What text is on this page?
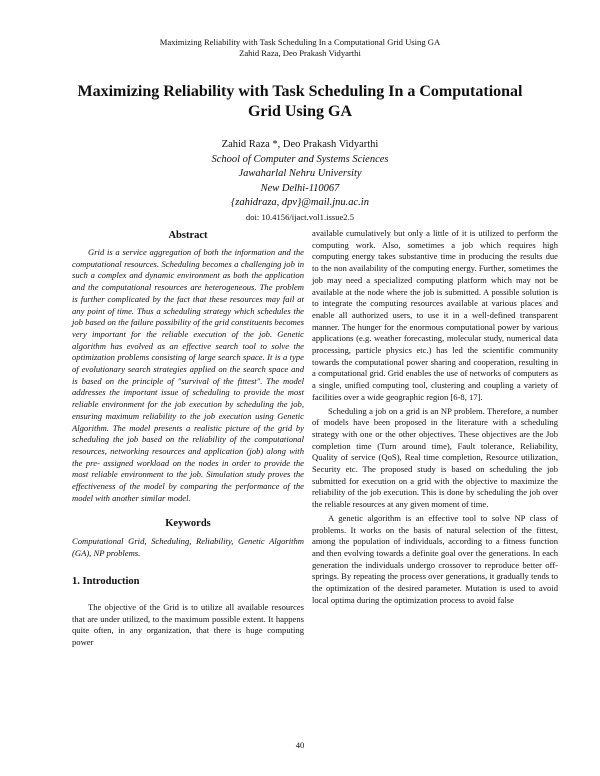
Maximizing Reliability with Task Scheduling In a Computational Grid Using GA
Zahid Raza, Deo Prakash Vidyarthi
Maximizing Reliability with Task Scheduling In a Computational Grid Using GA
Zahid Raza *, Deo Prakash Vidyarthi
School of Computer and Systems Sciences
Jawaharlal Nehru University
New Delhi-110067
{zahidraza, dpv}@mail.jnu.ac.in
doi: 10.4156/ijact.vol1.issue2.5
Abstract

Grid is a service aggregation of both the information and the computational resources. Scheduling becomes a challenging job in such a complex and dynamic environment as both the application and the computational resources are heterogeneous. The problem is further complicated by the fact that these resources may fail at any point of time. Thus a scheduling strategy which schedules the job based on the failure possibility of the grid constituents becomes very important for the reliable execution of the job. Genetic algorithm has evolved as an effective search tool to solve the optimization problems consisting of large search space. It is a type of evolutionary search strategies applied on the search space and is based on the principle of "survival of the fittest". The model addresses the important issue of scheduling to provide the most reliable environment for the job execution by scheduling the job, ensuring maximum reliability to the job execution using Genetic Algorithm. The model presents a realistic picture of the grid by scheduling the job based on the reliability of the computational resources, networking resources and application (job) along with the pre- assigned workload on the nodes in order to provide the most reliable environment to the job. Simulation study proves the effectiveness of the model by comparing the performance of the model with another similar model.

Keywords

Computational Grid, Scheduling, Reliability, Genetic Algorithm (GA), NP problems.

1. Introduction

The objective of the Grid is to utilize all available resources that are under utilized, to the maximum possible extent. It happens quite often, in any organization, that there is huge computing power

available cumulatively but only a little of it is utilized to perform the computing work. Also, sometimes a job which requires high computing energy takes substantive time in producing the results due to the non availability of the computing energy. Further, sometimes the job may need a specialized computing platform which may not be available at the node where the job is submitted. A possible solution is to integrate the computing resources available at various places and enable all authorized users, to use it in a well-defined transparent manner. The hunger for the enormous computational power by various applications (e.g. weather forecasting, molecular study, numerical data processing, particle physics etc.) has led the scientific community towards the computational power sharing and cooperation, resulting in a computational grid. Grid enables the use of networks of computers as a single, unified computing tool, clustering and coupling a variety of facilities over a wide geographic region [6-8, 17].

Scheduling a job on a grid is an NP problem. Therefore, a number of models have been proposed in the literature with a scheduling strategy with one or the other objectives. These objectives are the Job completion time (Turn around time), Fault tolerance, Reliability, Quality of service (QoS), Real time completion, Resource utilization, Security etc. The proposed study is based on scheduling the job submitted for execution on a grid with the objective to maximize the reliability of the job execution. This is done by scheduling the job over the reliable resources at any given moment of time.

A genetic algorithm is an effective tool to solve NP class of problems. It works on the basis of natural selection of the fittest, among the population of individuals, according to a fitness function and then evolving towards a definite goal over the generations. In each generation the individuals undergo crossover to reproduce better off-springs. By repeating the process over generations, it gradually tends to the optimization of the desired parameter. Mutation is used to avoid local optima during the optimization process to avoid false

40
